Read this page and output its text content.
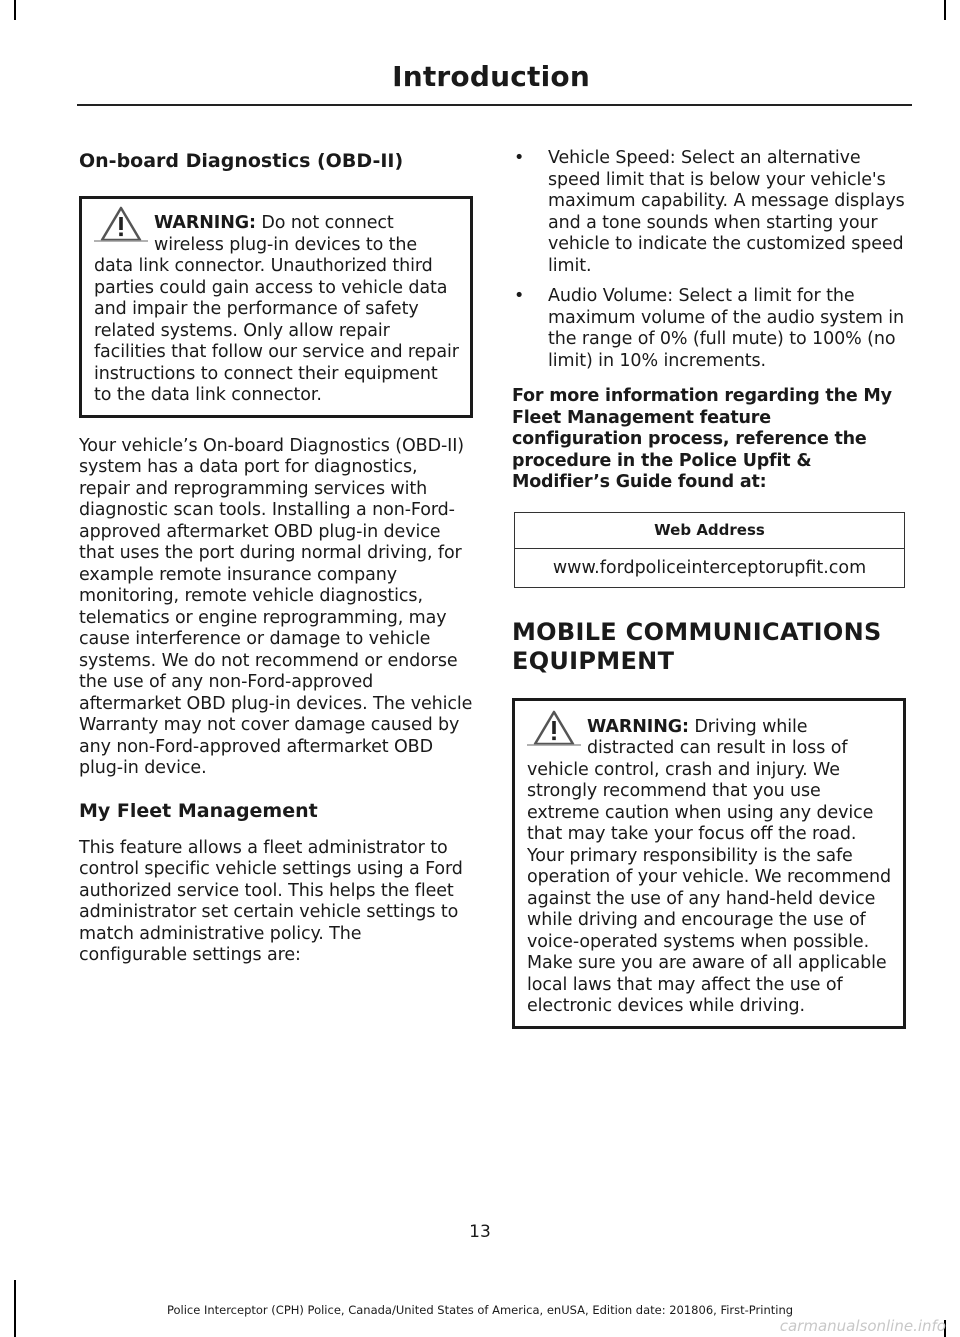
Introduction
On-board Diagnostics (OBD-II)
WARNING: Do not connect wireless plug-in devices to the data link connector. Unauthorized third parties could gain access to vehicle data and impair the performance of safety related systems. Only allow repair facilities that follow our service and repair instructions to connect their equipment to the data link connector.

Your vehicle’s On-board Diagnostics (OBD-II) system has a data port for diagnostics, repair and reprogramming services with diagnostic scan tools. Installing a non-Ford-approved aftermarket OBD plug-in device that uses the port during normal driving, for example remote insurance company monitoring, remote vehicle diagnostics, telematics or engine reprogramming, may cause interference or damage to vehicle systems. We do not recommend or endorse the use of any non-Ford-approved aftermarket OBD plug-in devices. The vehicle Warranty may not cover damage caused by any non-Ford-approved aftermarket OBD plug-in device.

My Fleet Management

This feature allows a fleet administrator to control specific vehicle settings using a Ford authorized service tool. This helps the fleet administrator set certain vehicle settings to match administrative policy. The configurable settings are:

• Vehicle Speed: Select an alternative speed limit that is below your vehicle's maximum capability. A message displays and a tone sounds when starting your vehicle to indicate the customized speed limit.
• Audio Volume: Select a limit for the maximum volume of the audio system in the range of 0% (full mute) to 100% (no limit) in 10% increments.

For more information regarding the My Fleet Management feature configuration process, reference the procedure in the Police Upfit & Modifier’s Guide found at:

Web Address
www.fordpoliceinterceptorupfit.com
MOBILE COMMUNICATIONS
EQUIPMENT
WARNING: Driving while distracted can result in loss of vehicle control, crash and injury. We strongly recommend that you use extreme caution when using any device that may take your focus off the road. Your primary responsibility is the safe operation of your vehicle. We recommend against the use of any hand-held device while driving and encourage the use of voice-operated systems when possible. Make sure you are aware of all applicable local laws that may affect the use of electronic devices while driving.
13
Police Interceptor (CPH) Police, Canada/United States of America, enUSA, Edition date: 201806, First-Printing
carmanualsonline.info
